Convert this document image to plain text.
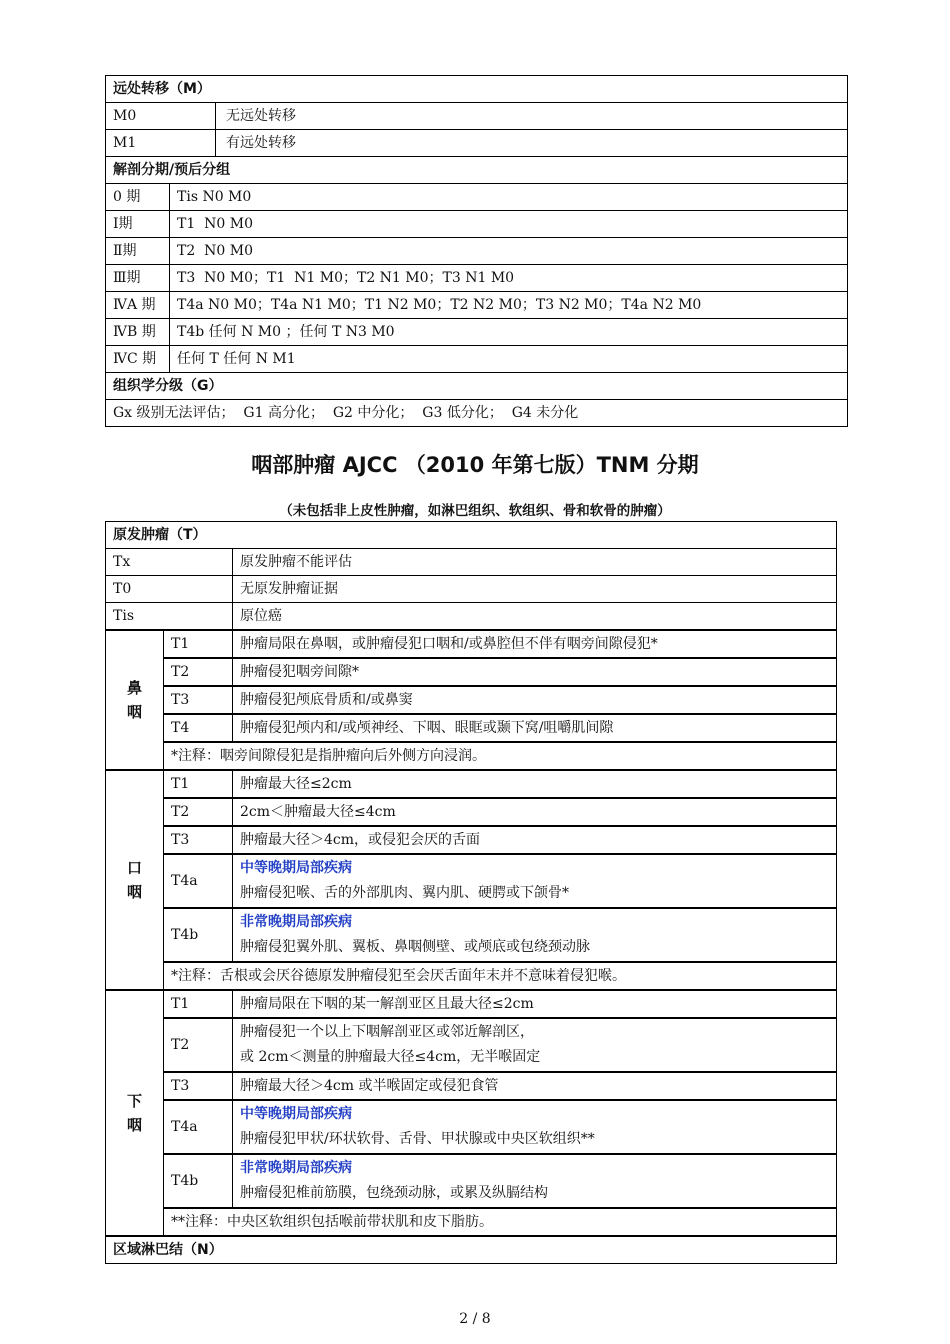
远处转移（M）		
M0		无远处转移
M1		有远处转移
解剖分期/预后分组		
0 期	Tis N0 M0	
Ⅰ期	T1  N0 M0	
Ⅱ期	T2  N0 M0	
Ⅲ期	T3  N0 M0；T1  N1 M0；T2 N1 M0；T3 N1 M0	
ⅣA 期	T4a N0 M0；T4a N1 M0；T1 N2 M0；T2 N2 M0；T3 N2 M0；T4a N2 M0	
ⅣB 期	T4b 任何 N M0 ；任何 T N3 M0	
ⅣC 期	任何 T 任何 N M1	
组织学分级（G）		
Gx 级别无法评估；  G1 高分化；  G2 中分化；  G3 低分化；  G4 未分化		
咽部肿瘤 AJCC （2010 年第七版）TNM 分期
（未包括非上皮性肿瘤，如淋巴组织、软组织、骨和软骨的肿瘤）
原发肿瘤（T）		
Tx		原发肿瘤不能评估
T0		无原发肿瘤证据
Tis		原位癌
鼻
咽	T1	肿瘤局限在鼻咽，或肿瘤侵犯口咽和/或鼻腔但不伴有咽旁间隙侵犯*
	T2	肿瘤侵犯咽旁间隙*
	T3	肿瘤侵犯颅底骨质和/或鼻窦
	T4	肿瘤侵犯颅内和/或颅神经、下咽、眼眶或颞下窝/咀嚼肌间隙
	*注释：咽旁间隙侵犯是指肿瘤向后外侧方向浸润。	
口
咽	T1	肿瘤最大径≤2cm
	T2	2cm＜肿瘤最大径≤4cm
	T3	肿瘤最大径＞4cm，或侵犯会厌的舌面
	T4a	中等晚期局部疾病
肿瘤侵犯喉、舌的外部肌肉、翼内肌、硬腭或下颌骨*

	T4b	非常晚期局部疾病
肿瘤侵犯翼外肌、翼板、鼻咽侧壁、或颅底或包绕颈动脉

	*注释：舌根或会厌谷德原发肿瘤侵犯至会厌舌面年末并不意味着侵犯喉。	
下
咽	T1	肿瘤局限在下咽的某一解剖亚区且最大径≤2cm
	T2	肿瘤侵犯一个以上下咽解剖亚区或邻近解剖区，
或 2cm＜测量的肿瘤最大径≤4cm，无半喉固定

	T3	肿瘤最大径＞4cm 或半喉固定或侵犯食管
	T4a	中等晚期局部疾病
肿瘤侵犯甲状/环状软骨、舌骨、甲状腺或中央区软组织**

	T4b	非常晚期局部疾病
肿瘤侵犯椎前筋膜，包绕颈动脉，或累及纵膈结构

	**注释：中央区软组织包括喉前带状肌和皮下脂肪。	
区域淋巴结（N）		
2 / 8
